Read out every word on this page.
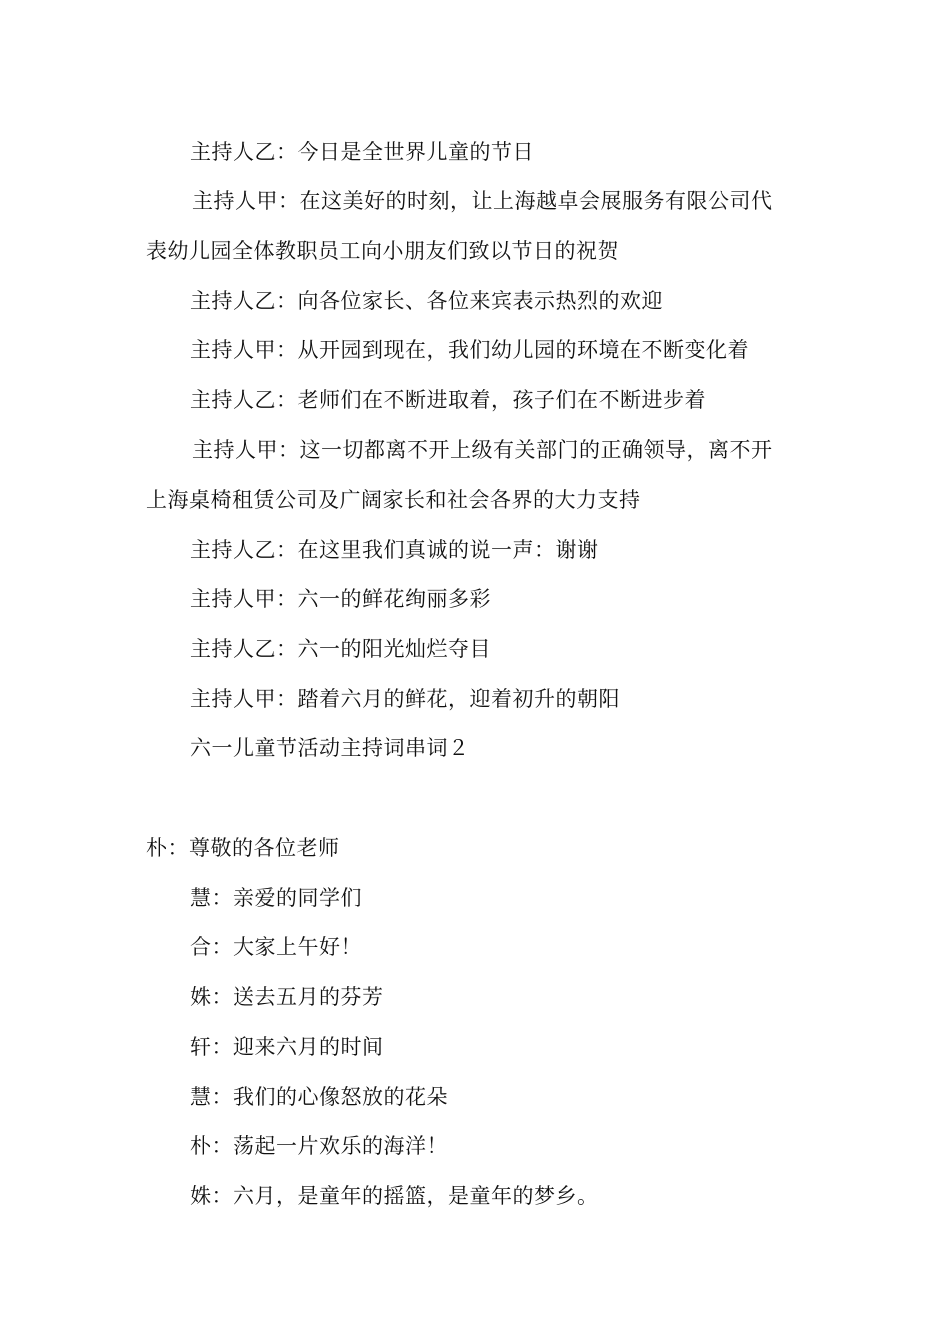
主持人乙：今日是全世界儿童的节日

主持人甲：在这美好的时刻，让上海越卓会展服务有限公司代

表幼儿园全体教职员工向小朋友们致以节日的祝贺

主持人乙：向各位家长、各位来宾表示热烈的欢迎

主持人甲：从开园到现在，我们幼儿园的环境在不断变化着

主持人乙：老师们在不断进取着，孩子们在不断进步着

主持人甲：这一切都离不开上级有关部门的正确领导，离不开

上海桌椅租赁公司及广阔家长和社会各界的大力支持

主持人乙：在这里我们真诚的说一声：谢谢

主持人甲：六一的鲜花绚丽多彩

主持人乙：六一的阳光灿烂夺目

主持人甲：踏着六月的鲜花，迎着初升的朝阳

六一儿童节活动主持词串词２

朴：尊敬的各位老师

慧：亲爱的同学们

合：大家上午好！

姝：送去五月的芬芳

轩：迎来六月的时间

慧：我们的心像怒放的花朵

朴：荡起一片欢乐的海洋！

姝：六月，是童年的摇篮，是童年的梦乡。
